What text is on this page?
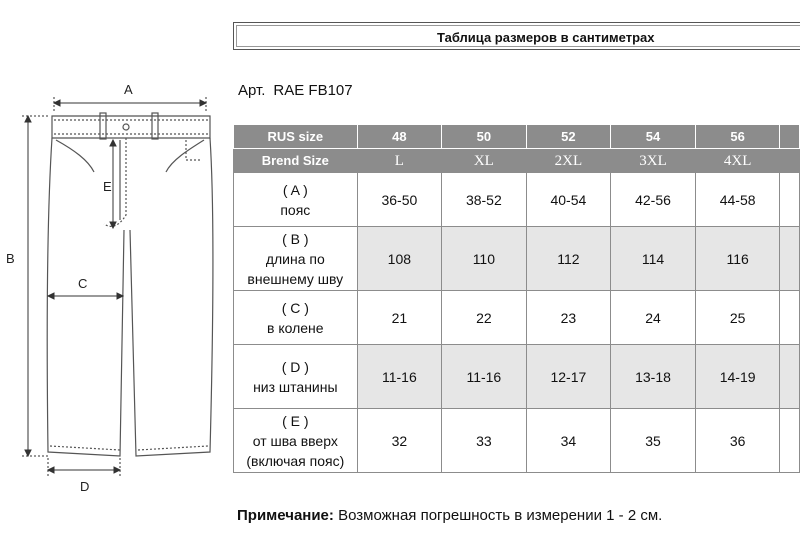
A
B
C
D
E
Таблица размеров в сантиметрах
Арт. RAE FB107
RUS size	48	50	52	54	56	
Brend Size	L	XL	2XL	3XL	4XL	

( A )
пояс	36-50	38-52	40-54	42-56	44-58	

( B )
длина по
внешнему шву	108	110	112	114	116	

( C )
в колене	21	22	23	24	25	

( D )
низ штанины	11-16	11-16	12-17	13-18	14-19	

( E )
от шва вверх
(включая пояс)	32	33	34	35	36	
Примечание: Возможная погрешность в измерении 1 - 2 см.
